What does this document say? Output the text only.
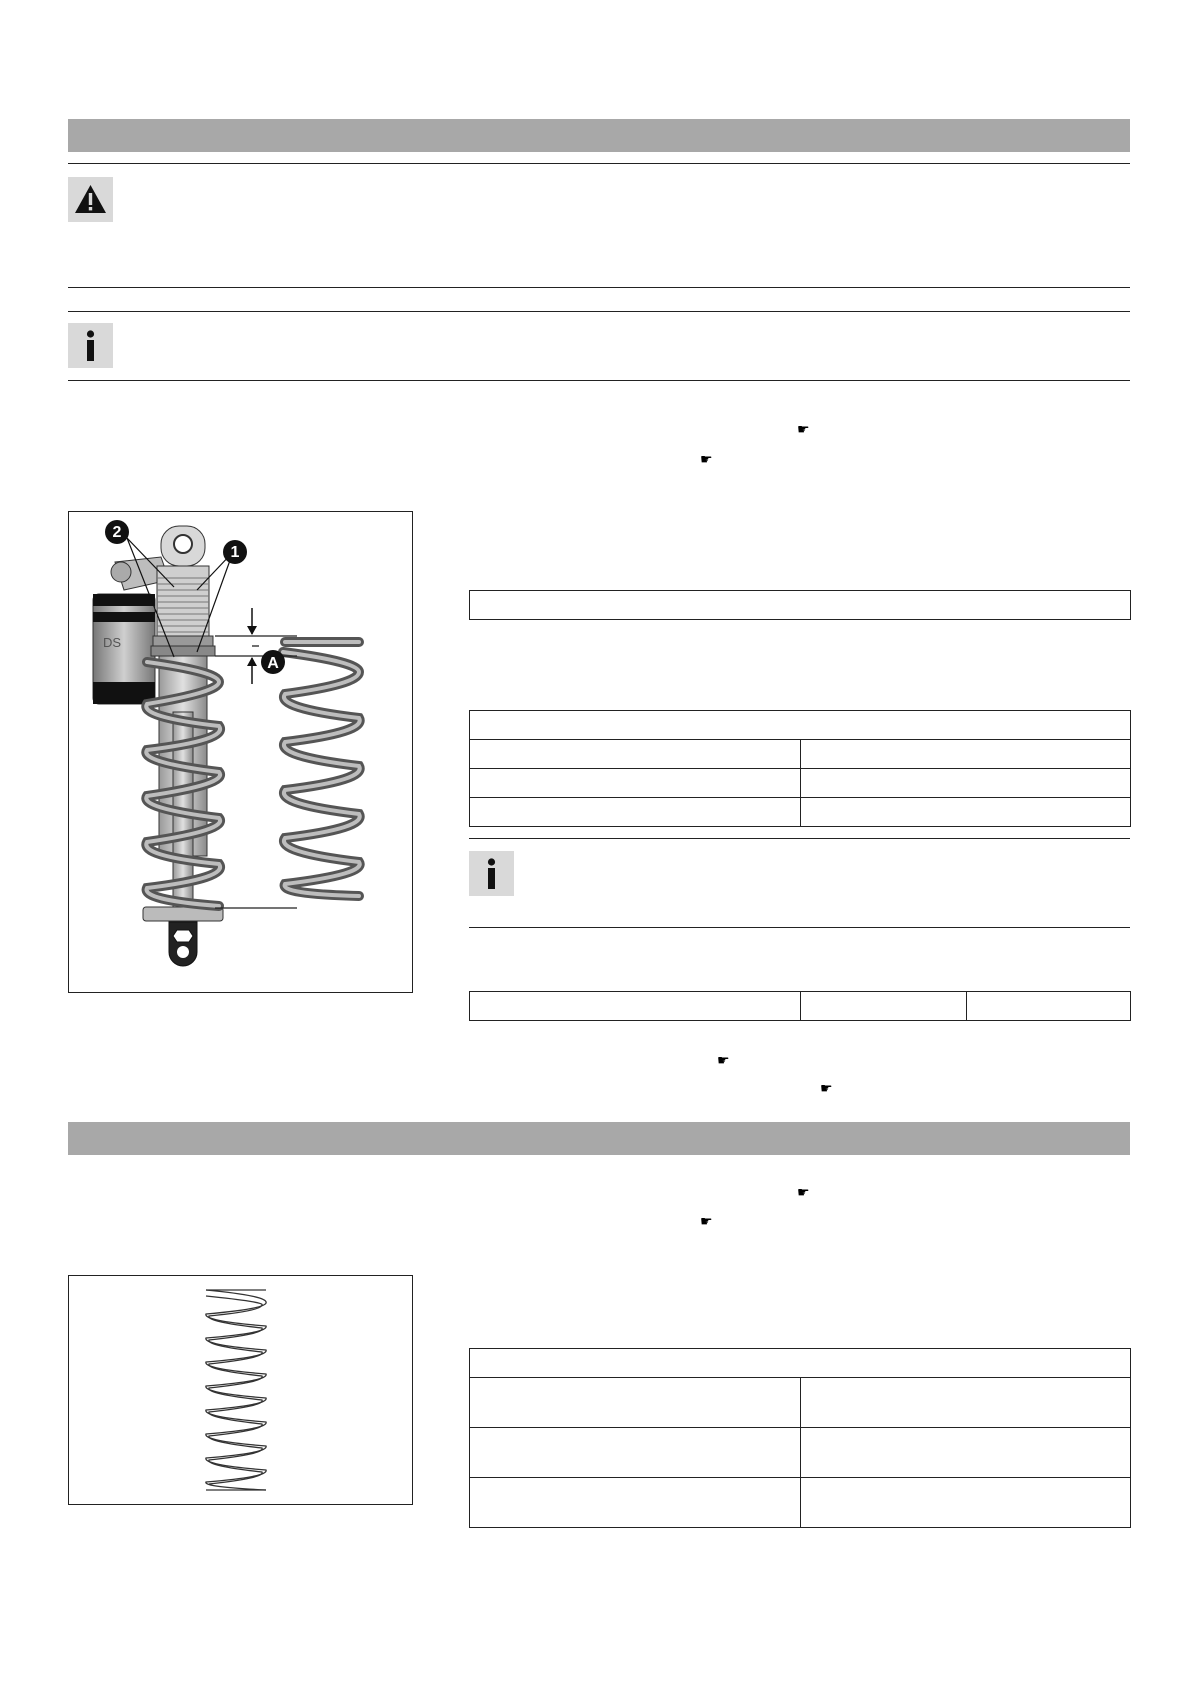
☛
☛
DS
2
1
A

☛
☛
☛
☛
